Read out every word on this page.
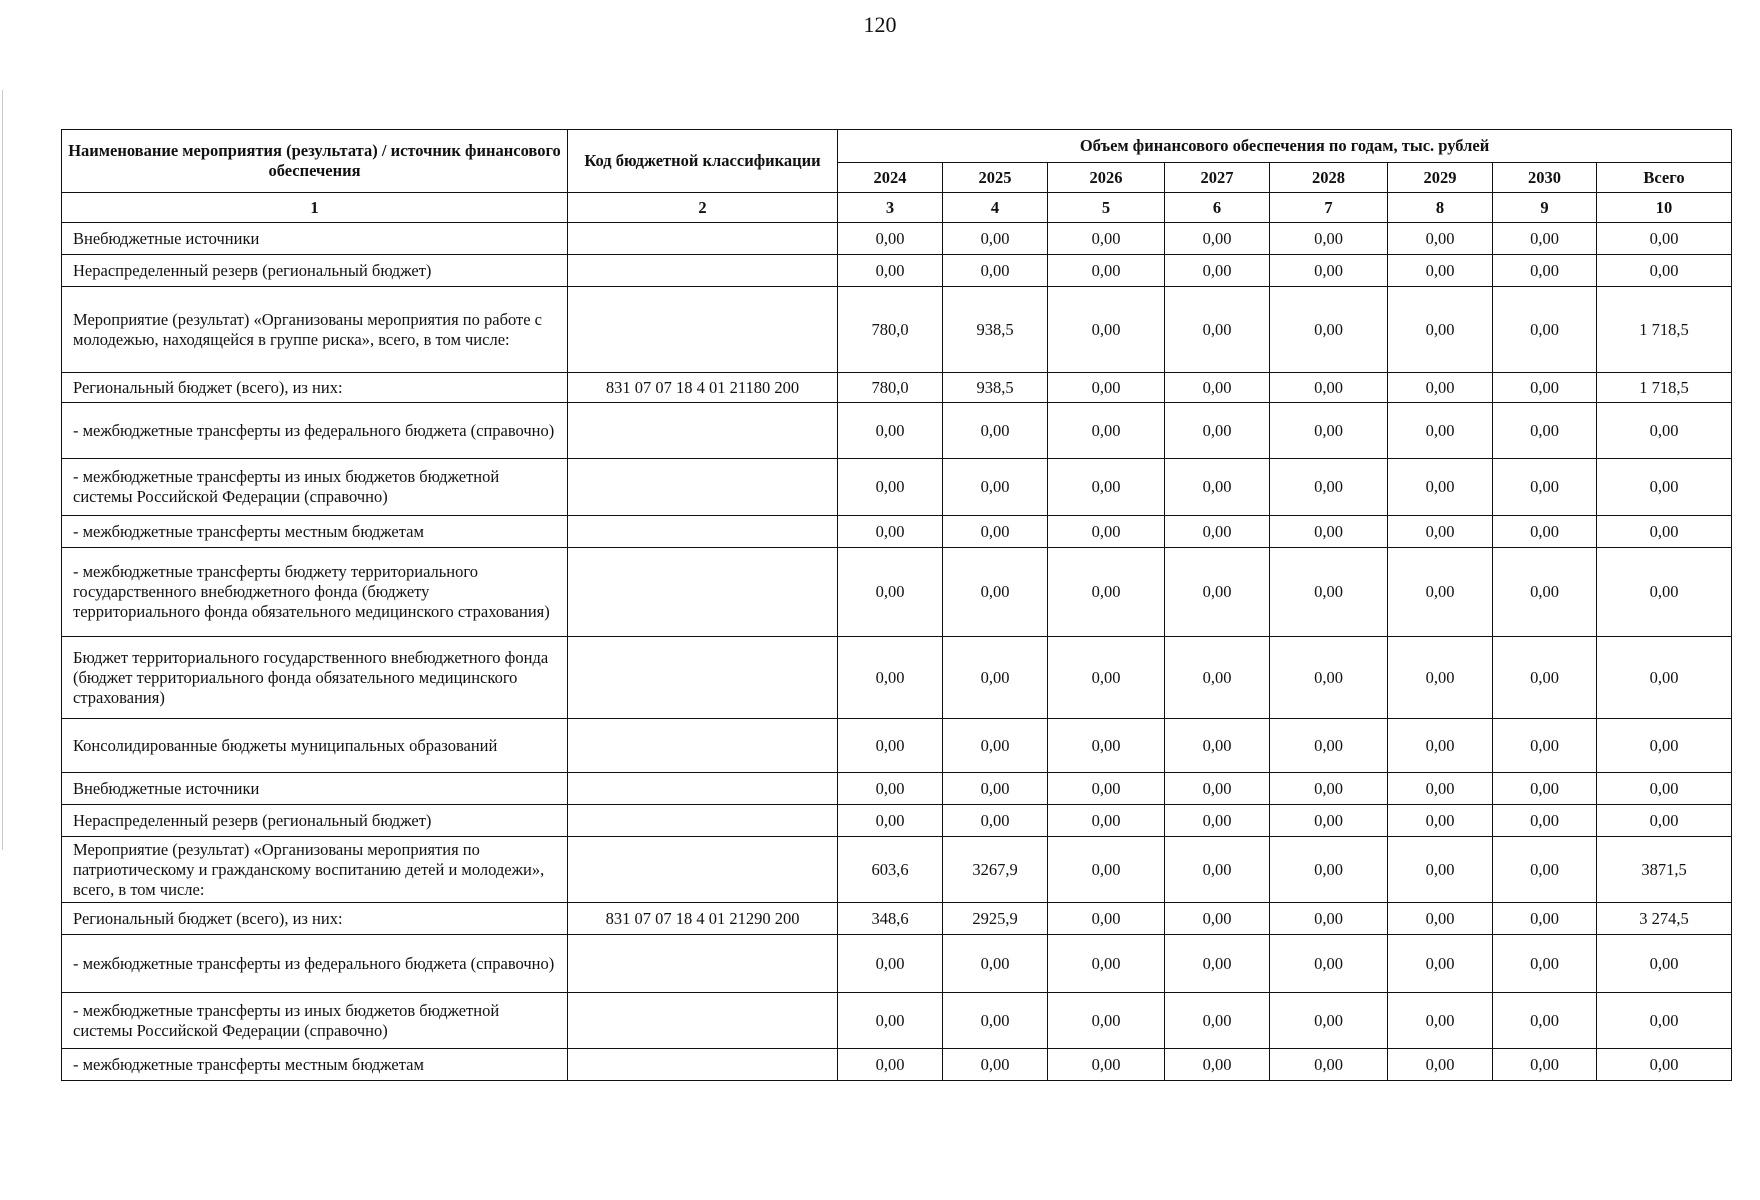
120
Наименование мероприятия (результата) / источник финансового обеспечения	Код бюджетной классификации	Объем финансового обеспечения по годам, тыс. рублей							
		2024	2025	2026	2027	2028	2029	2030	Всего
1	2	3	4	5	6	7	8	9	10
Внебюджетные источники		0,00	0,00	0,00	0,00	0,00	0,00	0,00	0,00
Нераспределенный резерв (региональный бюджет)		0,00	0,00	0,00	0,00	0,00	0,00	0,00	0,00
Мероприятие (результат) «Организованы мероприятия по работе с молодежью, находящейся в группе риска», всего, в том числе:		780,0	938,5	0,00	0,00	0,00	0,00	0,00	1 718,5
Региональный бюджет (всего), из них:	831 07 07 18 4 01 21180 200	780,0	938,5	0,00	0,00	0,00	0,00	0,00	1 718,5
- межбюджетные трансферты из федерального бюджета (справочно)		0,00	0,00	0,00	0,00	0,00	0,00	0,00	0,00
- межбюджетные трансферты из иных бюджетов бюджетной системы Российской Федерации (справочно)		0,00	0,00	0,00	0,00	0,00	0,00	0,00	0,00
- межбюджетные трансферты местным бюджетам		0,00	0,00	0,00	0,00	0,00	0,00	0,00	0,00
- межбюджетные трансферты бюджету территориального государственного внебюджетного фонда (бюджету территориального фонда обязательного медицинского страхования)		0,00	0,00	0,00	0,00	0,00	0,00	0,00	0,00
Бюджет территориального государственного внебюджетного фонда (бюджет территориального фонда обязательного медицинского страхования)		0,00	0,00	0,00	0,00	0,00	0,00	0,00	0,00
Консолидированные бюджеты муниципальных образований		0,00	0,00	0,00	0,00	0,00	0,00	0,00	0,00
Внебюджетные источники		0,00	0,00	0,00	0,00	0,00	0,00	0,00	0,00
Нераспределенный резерв (региональный бюджет)		0,00	0,00	0,00	0,00	0,00	0,00	0,00	0,00
Мероприятие (результат) «Организованы мероприятия по патриотическому и гражданскому воспитанию детей и молодежи», всего, в том числе:		603,6	3267,9	0,00	0,00	0,00	0,00	0,00	3871,5
Региональный бюджет (всего), из них:	831 07 07 18 4 01 21290 200	348,6	2925,9	0,00	0,00	0,00	0,00	0,00	3 274,5
- межбюджетные трансферты из федерального бюджета (справочно)		0,00	0,00	0,00	0,00	0,00	0,00	0,00	0,00
- межбюджетные трансферты из иных бюджетов бюджетной системы Российской Федерации (справочно)		0,00	0,00	0,00	0,00	0,00	0,00	0,00	0,00
- межбюджетные трансферты местным бюджетам		0,00	0,00	0,00	0,00	0,00	0,00	0,00	0,00
